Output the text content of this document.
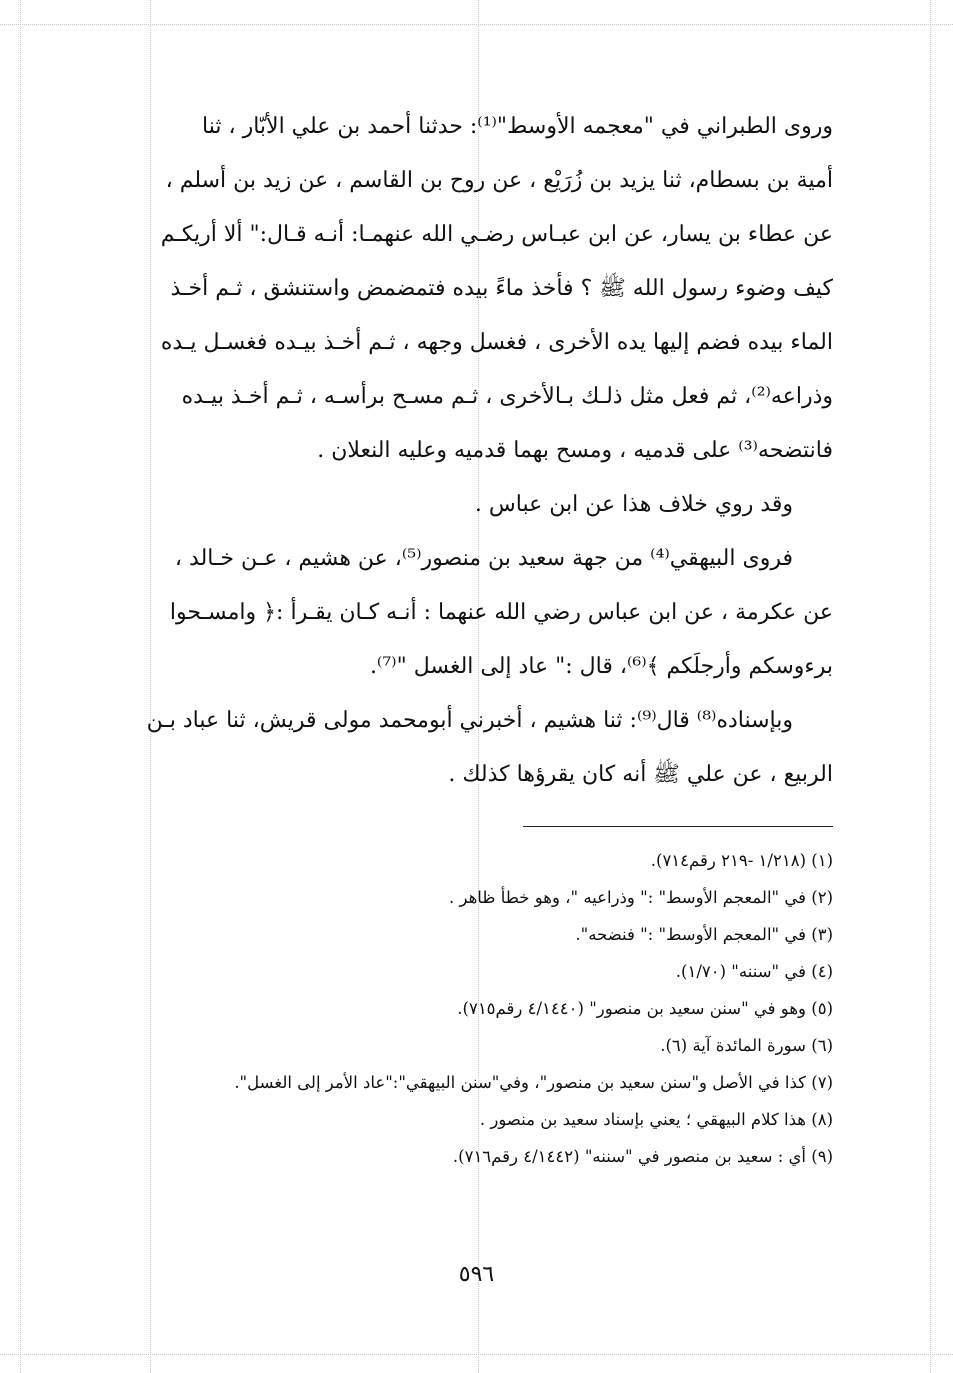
وروى الطبراني في "معجمه الأوسط"⁽¹⁾: حدثنا أحمد بن علي الأبّار ، ثنا
أمية بن بسطام، ثنا يزيد بن زُرَيْع ، عن روح بن القاسم ، عن زيد بن أسلم ،
عن عطاء بن يسار، عن ابن عبـاس رضـي الله عنهمـا: أنـه قـال:" ألا أريكـم
كيف وضوء رسول الله ﷺ ؟ فأخذ ماءً بيده فتمضمض واستنشق ، ثـم أخـذ
الماء بيده فضم إليها يده الأخرى ، فغسل وجهه ، ثـم أخـذ بيـده فغسـل يـده
وذراعه⁽²⁾، ثم فعل مثل ذلـك بـالأخرى ، ثـم مسـح برأسـه ، ثـم أخـذ بيـده
فانتضحه⁽³⁾ على قدميه ، ومسح بهما قدميه وعليه النعلان .
وقد روي خلاف هذا عن ابن عباس .
فروى البيهقي⁽⁴⁾ من جهة سعيد بن منصور⁽⁵⁾، عن هشيم ، عـن خـالد ،
عن عكرمة ، عن ابن عباس رضي الله عنهما : أنـه كـان يقـرأ :﴿ وامسـحوا
برءوسكم وأرجلَكم ﴾⁽⁶⁾، قال :" عاد إلى الغسل "⁽⁷⁾.
وبإسناده⁽⁸⁾ قال⁽⁹⁾: ثنا هشيم ، أخبرني أبومحمد مولى قريش، ثنا عباد بـن
الربيع ، عن علي ﷺ أنه كان يقرؤها كذلك .
(١) (١/٢١٨ -٢١٩ رقم٧١٤).
(٢) في "المعجم الأوسط" :" وذراعيه "، وهو خطأ ظاهر .
(٣) في "المعجم الأوسط" :" فنضحه".
(٤) في "سننه" (١/٧٠).
(٥) وهو في "سنن سعيد بن منصور" (٤/١٤٤٠ رقم٧١٥).
(٦) سورة المائدة آية (٦).
(٧) كذا في الأصل و"سنن سعيد بن منصور"، وفي"سنن البيهقي":"عاد الأمر إلى الغسل".
(٨) هذا كلام البيهقي ؛ يعني بإسناد سعيد بن منصور .
(٩) أي : سعيد بن منصور في "سننه" (٤/١٤٤٢ رقم٧١٦).
٥٩٦
